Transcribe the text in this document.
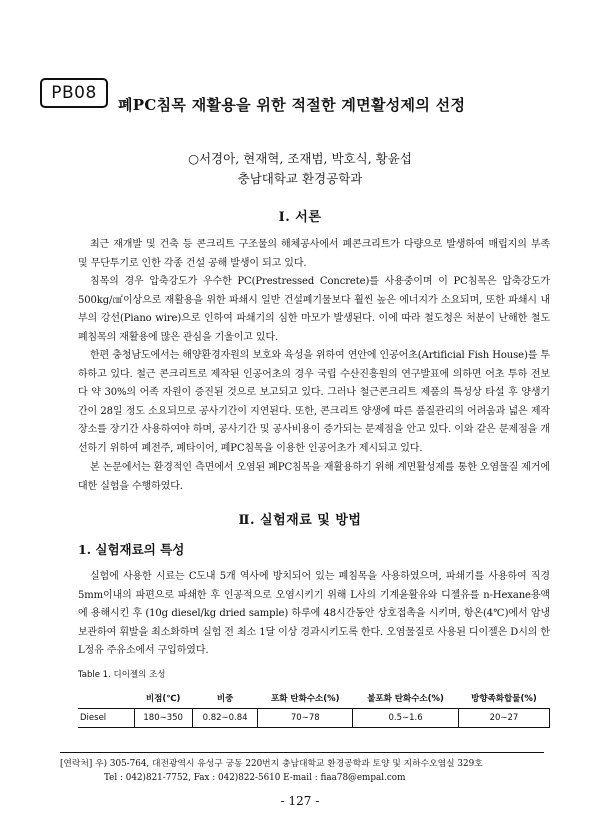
PB08
폐PC침목 재활용을 위한 적절한 계면활성제의 선정

○서경아, 현재혁, 조재범, 박호식, 황윤섭

충남대학교 환경공학과

Ⅰ. 서론

최근 재개발 및 건축 등 콘크리트 구조물의 해체공사에서 폐콘크리트가 다량으로 발생하여 매립지의 부족 및 무단투기로 인한 각종 건설 공해 발생이 되고 있다.

침목의 경우 압축강도가 우수한 PC(Prestressed Concrete)를 사용중이며 이 PC침목은 압축강도가 500kg/㎠이상으로 재활용을 위한 파쇄시 일반 건설폐기물보다 훨씬 높은 에너지가 소요되며, 또한 파쇄시 내부의 강선(Piano wire)으로 인하여 파쇄기의 심한 마모가 발생된다. 이에 따라 철도청은 처분이 난해한 철도 폐침목의 재활용에 많은 관심을 기울이고 있다.

한편 충청남도에서는 해양환경자원의 보호와 육성을 위하여 연안에 인공어초(Artificial Fish House)를 투하하고 있다. 철근 콘크리트로 제작된 인공어초의 경우 국립 수산진흥원의 연구발표에 의하면 어초 투하 전보다 약 30%의 어족 자원이 증진된 것으로 보고되고 있다. 그러나 철근콘크리트 제품의 특성상 타설 후 양생기간이 28일 정도 소요되므로 공사기간이 지연된다. 또한, 콘크리트 양생에 따른 품질관리의 어려움과 넓은 제작장소를 장기간 사용하여야 하며, 공사기간 및 공사비용이 증가되는 문제점을 안고 있다. 이와 같은 문제점을 개선하기 위하여 폐전주, 폐타이어, 폐PC침목을 이용한 인공어초가 제시되고 있다.

본 논문에서는 환경적인 측면에서 오염된 폐PC침목을 재활용하기 위해 계면활성제를 통한 오염물질 제거에 대한 실험을 수행하였다.

Ⅱ. 실험재료 및 방법
1. 실험재료의 특성

실험에 사용한 시료는 C도내 5개 역사에 방치되어 있는 폐침목을 사용하였으며, 파쇄기를 사용하여 직경 5mm이내의 파편으로 파쇄한 후 인공적으로 오염시키기 위해 L사의 기계윤활유와 디젤유를 n-Hexane용액에 용해시킨 후 (10g diesel/kg dried sample) 하루에 48시간동안 상호접촉을 시키며, 항온(4℃)에서 암냉 보관하여 휘발을 최소화하며 실험 전 최소 1달 이상 경과시키도록 한다. 오염물질로 사용된 디이젤은 D시의 한 L정유 주유소에서 구입하였다.

Table 1. 디이젤의 조성

	비점(℃)	비중	포화 탄화수소(%)	불포화 탄화수소(%)	방향족화합물(%)
Diesel	180∼350	0.82∼0.84	70∼78	0.5∼1.6	20∼27
[연락처] 우) 305-764, 대전광역시 유성구 궁동 220번지 충남대학교 환경공학과 토양 및 지하수오염실 329호
Tel : 042)821-7752, Fax : 042)822-5610 E-mail : fiaa78@empal.com
- 127 -
